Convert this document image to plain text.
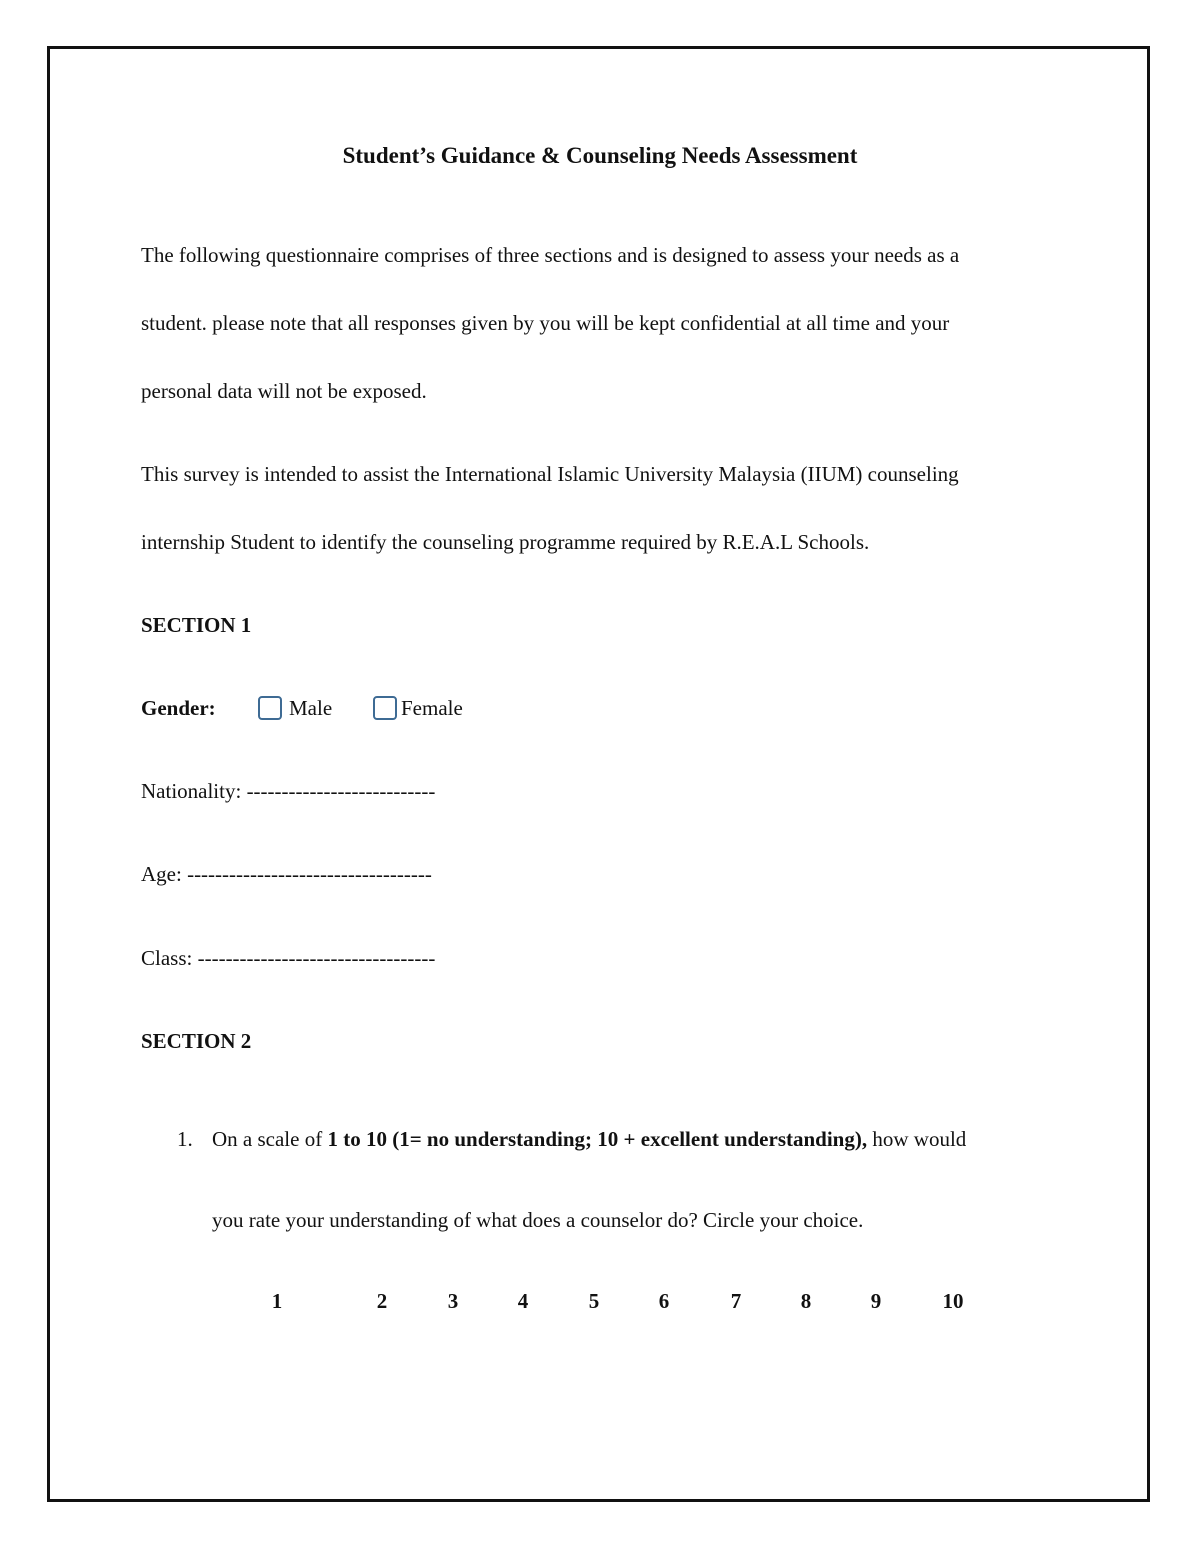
Student’s Guidance & Counseling Needs Assessment
The following questionnaire comprises of three sections and is designed to assess your needs as a
student. please note that all responses given by you will be kept confidential at all time and your
personal data will not be exposed.
This survey is intended to assist the International Islamic University Malaysia (IIUM) counseling
internship Student to identify the counseling programme required by R.E.A.L Schools.
SECTION 1
Gender:	Male	Female
Nationality: ---------------------------
Age: -----------------------------------
Class: ----------------------------------
SECTION 2
1. On a scale of 1 to 10 (1= no understanding; 10 + excellent understanding), how would
you rate your understanding of what does a counselor do? Circle your choice.
1	2	3	4	5	6	7	8	9	10
